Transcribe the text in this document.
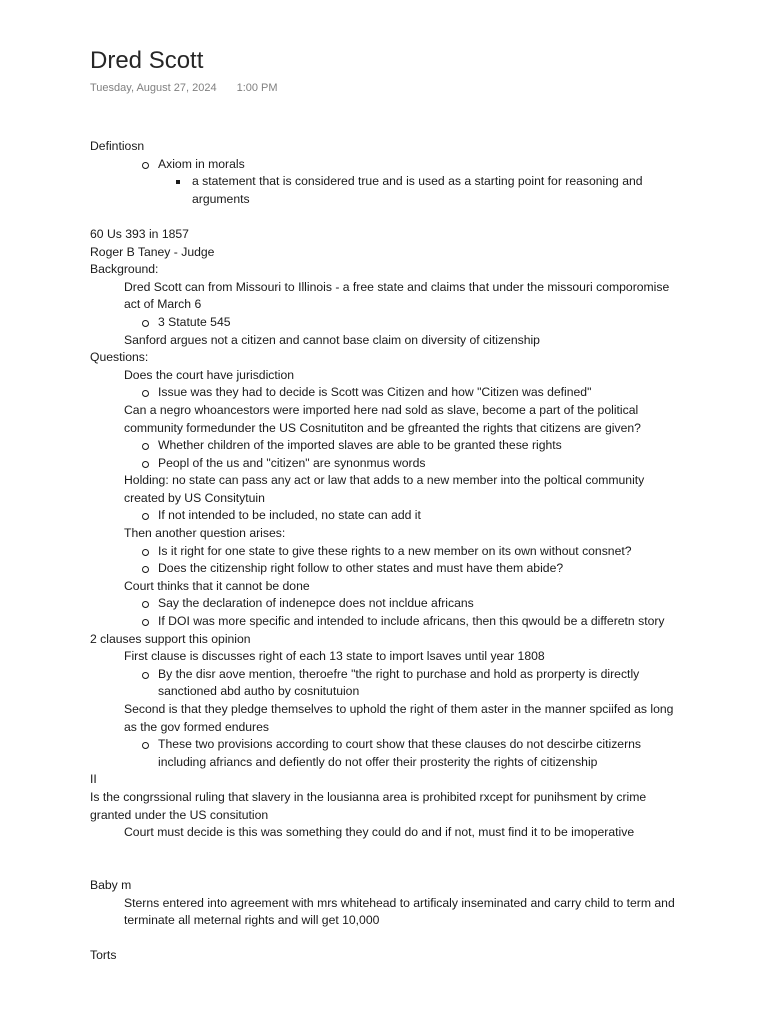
Dred Scott
Tuesday, August 27, 2024 1:00 PM
Defintiosn
Axiom in morals
a statement that is considered true and is used as a starting point for reasoning and arguments
60 Us 393 in 1857
Roger B Taney - Judge
Background:
Dred Scott can from Missouri to Illinois - a free state and claims that under the missouri comporomise act of March 6
3 Statute 545
Sanford argues not a citizen and cannot base claim on diversity of citizenship
Questions:
Does the court have jurisdiction
Issue was they had to decide is Scott was Citizen and how "Citizen was defined"
Can a negro whoancestors were imported here nad sold as slave, become a part of the political community formedunder the US Cosnitutiton and be gfreanted the rights that citizens are given?
Whether children of the imported slaves are able to be granted these rights
Peopl of the us and "citizen" are synonmus words
Holding: no state can pass any act or law that adds to a new member into the poltical community created by US Consitytuin
If not intended to be included, no state can add it
Then another question arises:
Is it right for one state to give these rights to a new member on its own without consnet?
Does the citizenship right follow to other states and must have them abide?
Court thinks that it cannot be done
Say the declaration of indenepce does not incldue africans
If DOI was more specific and intended to include africans, then this qwould be a differetn story
2 clauses support this opinion
First clause is discusses right of each 13 state to import lsaves until year 1808
By the disr aove mention, theroefre "the right to purchase and hold as prorperty is directly sanctioned abd autho by cosnitutuion
Second is that they pledge themselves to uphold the right of them aster in the manner spciifed as long as the gov formed endures
These two provisions according to court show that these clauses do not descirbe citizerns including afriancs and defiently do not offer their prosterity the rights of citizenship
II
Is the congrssional ruling that slavery in the lousianna area is prohibited rxcept for punihsment by crime granted under the US consitution
Court must decide is this was something they could do and if not, must find it to be imoperative
Baby m
Sterns entered into agreement with mrs whitehead to artificaly inseminated and carry child to term and terminate all meternal rights and will get 10,000
Torts
